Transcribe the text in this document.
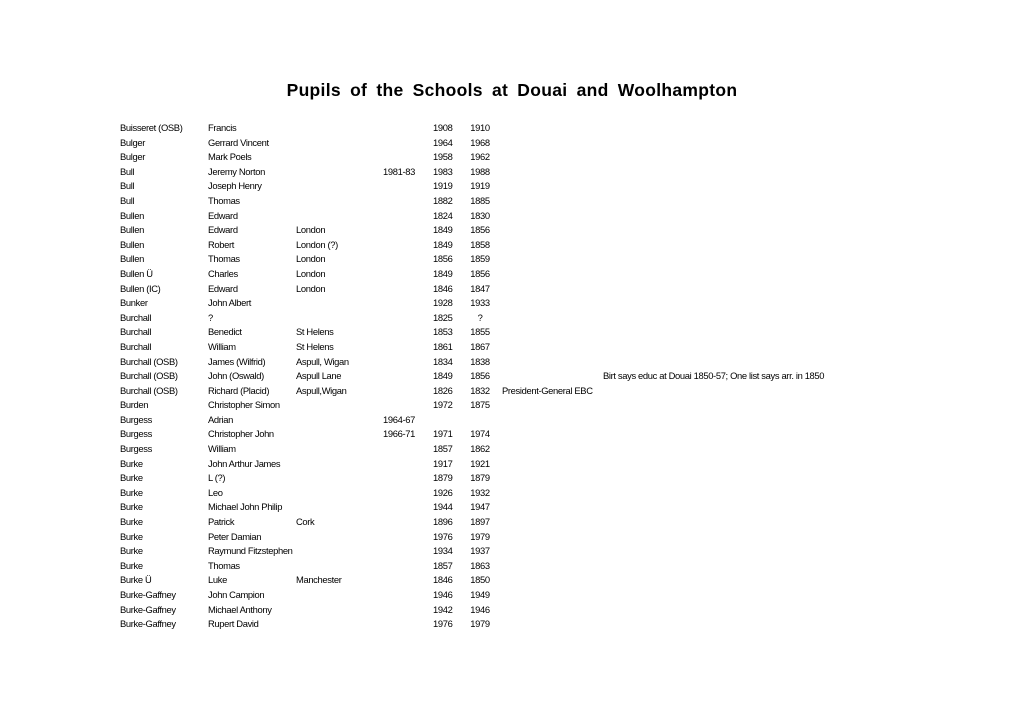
Pupils of the Schools at Douai and Woolhampton
Buisseret (OSB)	Francis	1908 1910
Bulger	Gerrard Vincent	1964 1968
Bulger	Mark Poels	1958 1962
Bull	Jeremy Norton	1981-83 1983 1988
Bull	Joseph Henry	1919 1919
Bull	Thomas	1882 1885
Bullen	Edward	1824 1830
Bullen	Edward	London	1849 1856
Bullen	Robert	London (?)	1849 1858
Bullen	Thomas	London	1856 1859
Bullen Ü	Charles	London	1849 1856
Bullen (IC)	Edward	London	1846 1847
Bunker	John Albert	1928 1933
Burchall	?	1825	?
Burchall	Benedict	St Helens	1853 1855
Burchall	William	St Helens	1861 1867
Burchall (OSB)	James (Wilfrid)	Aspull, Wigan	1834 1838
Burchall (OSB)	John (Oswald)	Aspull Lane	1849 1856	Birt says educ at Douai 1850-57; One list says arr. in 1850
Burchall (OSB)	Richard (Placid)	Aspull,Wigan	1826 1832 President-General EBC
Burden	Christopher Simon	1972 1875
Burgess	Adrian	1964-67
Burgess	Christopher John	1966-71 1971 1974
Burgess	William	1857 1862
Burke	John Arthur James	1917 1921
Burke	L (?)	1879 1879
Burke	Leo	1926 1932
Burke	Michael John Philip	1944 1947
Burke	Patrick	Cork	1896 1897
Burke	Peter Damian	1976 1979
Burke	Raymund Fitzstephen	1934 1937
Burke	Thomas	1857 1863
Burke Ü	Luke	Manchester	1846 1850
Burke-Gaffney	John Campion	1946 1949
Burke-Gaffney	Michael Anthony	1942 1946
Burke-Gaffney	Rupert David	1976 1979
